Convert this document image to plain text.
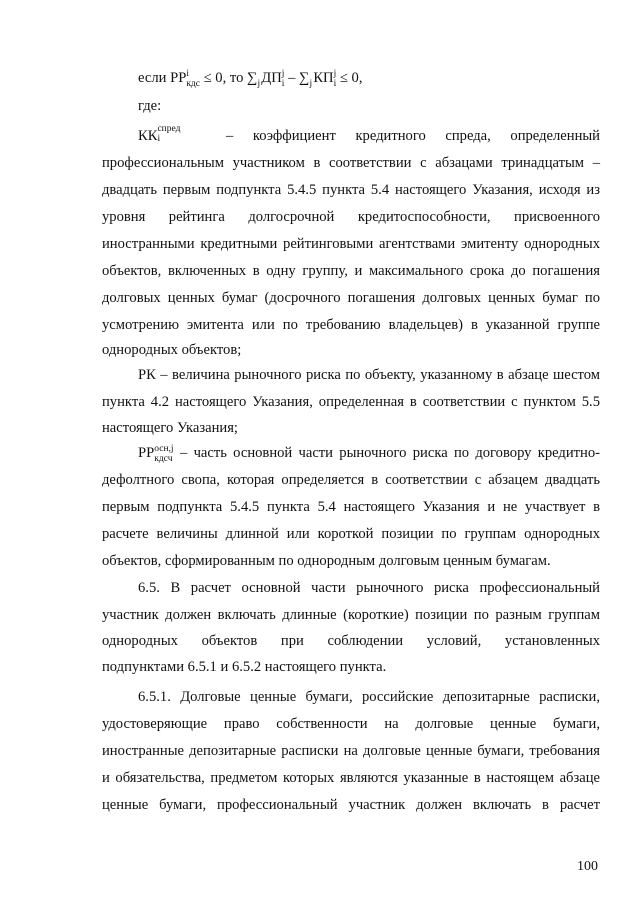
если PP i
кдс ≤ 0, то $\sum_j$ ДП j
i – $\sum_j$ КП j
i ≤ 0,
где:
КК спред
i	– коэффициент кредитного спреда, определенный
профессиональным участником в соответствии с абзацами тринадцатым –
двадцать первым подпункта 5.4.5 пункта 5.4 настоящего Указания, исходя из
уровня рейтинга долгосрочной кредитоспособности, присвоенного
иностранными кредитными рейтинговыми агентствами эмитенту однородных
объектов, включенных в одну группу, и максимального срока до погашения
долговых ценных бумаг (досрочного погашения долговых ценных бумаг по
усмотрению эмитента или по требованию владельцев) в указанной группе
однородных объектов;
РК – величина рыночного риска по объекту, указанному в абзаце шестом
пункта 4.2 настоящего Указания, определенная в соответствии с пунктом 5.5
настоящего Указания;
PP осн,j
кдсч – часть основной части рыночного риска по договору кредитно-
дефолтного свопа, которая определяется в соответствии с абзацем двадцать
первым подпункта 5.4.5 пункта 5.4 настоящего Указания и не участвует в
расчете величины длинной или короткой позиции по группам однородных
объектов, сформированным по однородным долговым ценным бумагам.
6.5. В расчет основной части рыночного риска профессиональный
участник должен включать длинные (короткие) позиции по разным группам
однородных объектов при соблюдении условий, установленных
подпунктами 6.5.1 и 6.5.2 настоящего пункта.
6.5.1. Долговые ценные бумаги, российские депозитарные расписки,
удостоверяющие право собственности на долговые ценные бумаги,
иностранные депозитарные расписки на долговые ценные бумаги, требования
и обязательства, предметом которых являются указанные в настоящем абзаце
ценные бумаги, профессиональный участник должен включать в расчет
100
